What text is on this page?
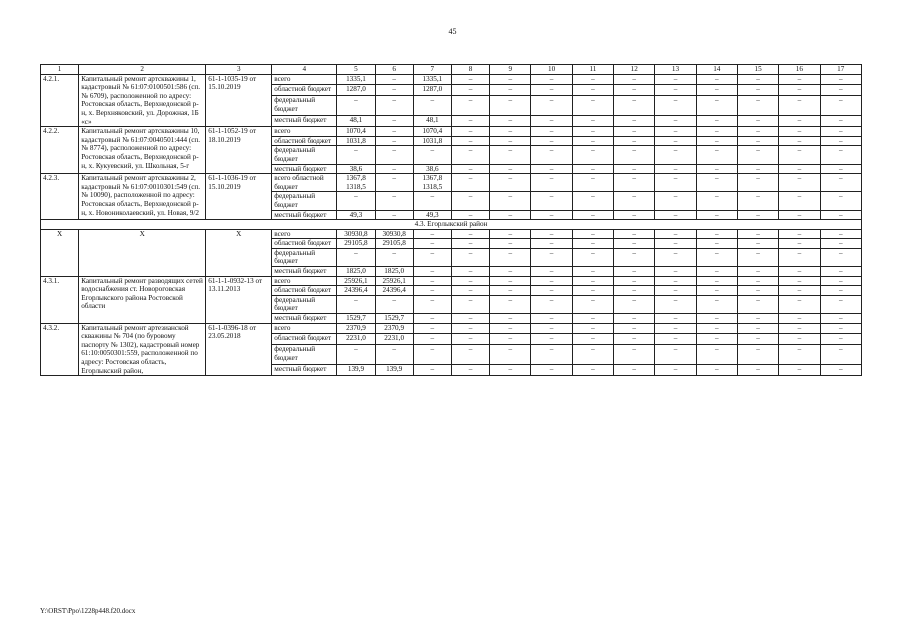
45
1	2	3	4	5	6	7	8	9	10	11	12	13	14	15	16	17
4.2.1.	Капитальный ремонт артскважины 1, кадастровый № 61:07:0100501:586 (сп. № 6709), расположенной по адресу: Ростовская область, Верхнедонской р-н, х. Верхняковский, ул. Дорожная, 1Б «с»	61-1-1035-19 от 15.10.2019	всего	1335,1	–	1335,1	–	–	–	–	–	–	–	–	–	–
			областной бюджет	1287,0	–	1287,0	–	–	–	–	–	–	–	–	–	–
			федеральный бюджет	–	–	–	–	–	–	–	–	–	–	–	–	–
			местный бюджет	48,1	–	48,1	–	–	–	–	–	–	–	–	–	–
4.2.2.	Капитальный ремонт артскважины 10, кадастровый № 61:07:0040501:444 (сп. № 8774), расположенной по адресу: Ростовская область, Верхнедонской р-н, х. Кукуевский, ул. Школьная, 5-г	61-1-1052-19 от 18.10.2019	всего	1070,4	–	1070,4	–	–	–	–	–	–	–	–	–	–
			областной бюджет	1031,8	–	1031,8	–	–	–	–	–	–	–	–	–	–
			федеральный бюджет	–	–	–	–	–	–	–	–	–	–	–	–	–
			местный бюджет	38,6	–	38,6	–	–	–	–	–	–	–	–	–	–
4.2.3.	Капитальный ремонт артскважины 2, кадастровый № 61:07:0010301:549 (сп. № 10090), расположенной по адресу: Ростовская область, Верхнедонской р-н, х. Новониколаевский, ул. Новая, 9/2	61-1-1036-19 от 15.10.2019	всего областной бюджет	1367,8 1318,5	–	1367,8 1318,5	–	–	–	–	–	–	–	–	–	–
			федеральный бюджет	–	–	–	–	–	–	–	–	–	–	–	–	–
			местный бюджет	49,3	–	49,3	–	–	–	–	–	–	–	–	–	–
4.3. Егорлыкский район																
Х	Х	Х	всего	30930,8	30930,8	–	–	–	–	–	–	–	–	–	–	–
			областной бюджет	29105,8	29105,8	–	–	–	–	–	–	–	–	–	–	–
			федеральный бюджет	–	–	–	–	–	–	–	–	–	–	–	–	–
			местный бюджет	1825,0	1825,0	–	–	–	–	–	–	–	–	–	–	–
4.3.1.	Капитальный ремонт разводящих сетей водоснабжения ст. Новороговская Егорлыкского района Ростовской области	61-1-1-0932-13 от 13.11.2013	всего	25926,1	25926,1	–	–	–	–	–	–	–	–	–	–	–
			областной бюджет	24396,4	24396,4	–	–	–	–	–	–	–	–	–	–	–
			федеральный бюджет	–	–	–	–	–	–	–	–	–	–	–	–	–
			местный бюджет	1529,7	1529,7	–	–	–	–	–	–	–	–	–	–	–
4.3.2.	Капитальный ремонт артезианской скважины № 704 (по буровому паспорту № 1302), кадастровый номер 61:10:0050301:559, расположенной по адресу: Ростовская область, Егорлыкский район,	61-1-0396-18 от 23.05.2018	всего	2370,9	2370,9	–	–	–	–	–	–	–	–	–	–	–
			областной бюджет	2231,0	2231,0	–	–	–	–	–	–	–	–	–	–	–
			федеральный бюджет	–	–	–	–	–	–	–	–	–	–	–	–	–
			местный бюджет	139,9	139,9	–	–	–	–	–	–	–	–	–	–	–
Y:\ORST\Ppo\1228p448.f20.docx
